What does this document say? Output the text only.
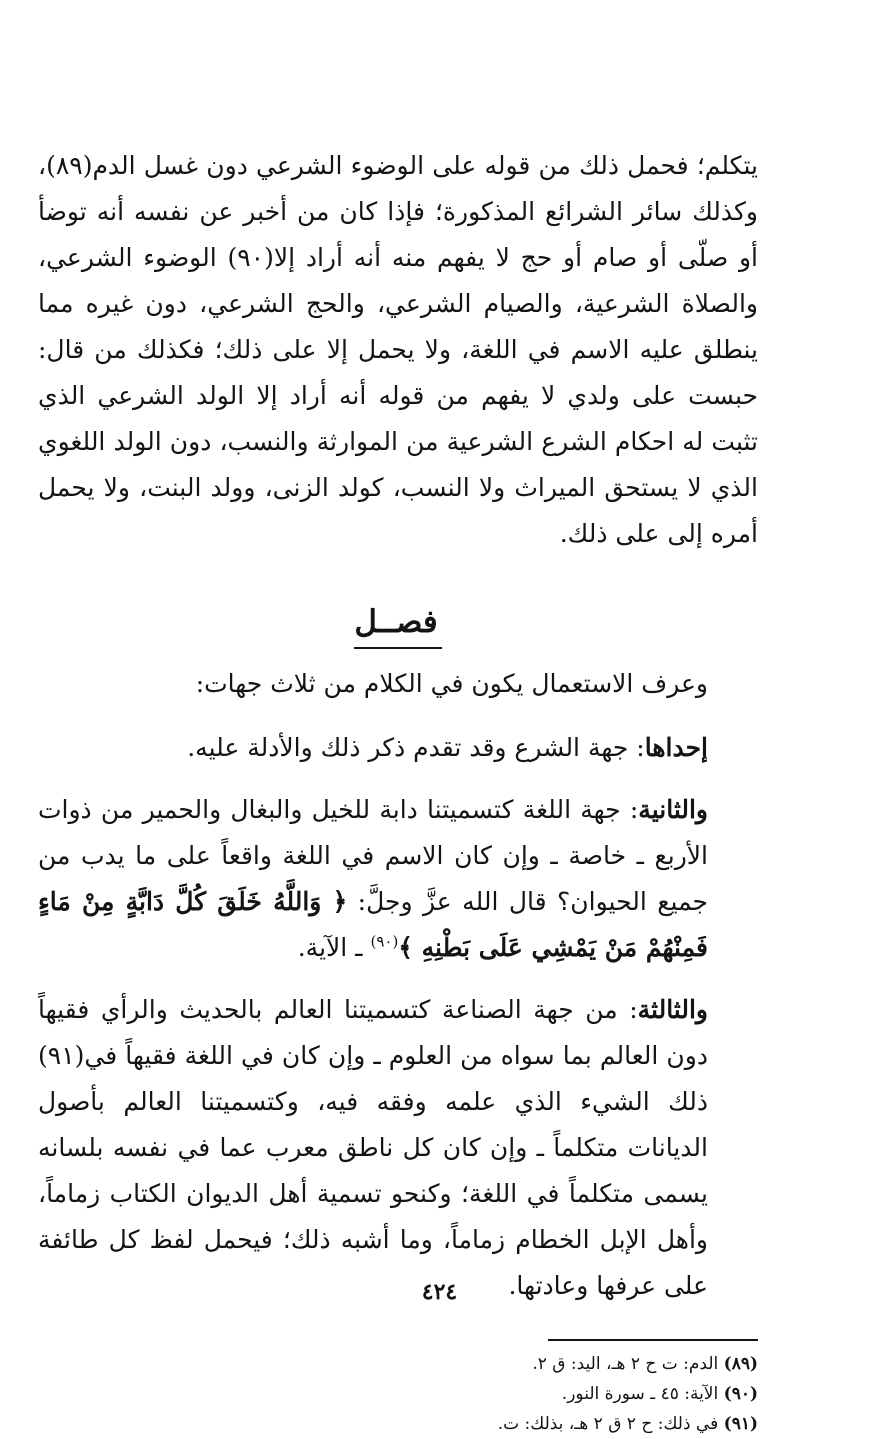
يتكلم؛ فحمل ذلك من قوله على الوضوء الشرعي دون غسل الدم(٨٩)، وكذلك سائر الشرائع المذكورة؛ فإذا كان من أخبر عن نفسه أنه توضأ أو صلّى أو صام أو حج لا يفهم منه أنه أراد إلا(٩٠) الوضوء الشرعي، والصلاة الشرعية، والصيام الشرعي، والحج الشرعي، دون غيره مما ينطلق عليه الاسم في اللغة، ولا يحمل إلا على ذلك؛ فكذلك من قال: حبست على ولدي لا يفهم من قوله أنه أراد إلا الولد الشرعي الذي تثبت له احكام الشرع الشرعية من الموارثة والنسب، دون الولد اللغوي الذي لا يستحق الميراث ولا النسب، كولد الزنى، وولد البنت، ولا يحمل أمره إلى على ذلك.

فصــل

وعرف الاستعمال يكون في الكلام من ثلاث جهات:

إحداها: جهة الشرع وقد تقدم ذكر ذلك والأدلة عليه.

والثانية: جهة اللغة كتسميتنا دابة للخيل والبغال والحمير من ذوات الأربع ـ خاصة ـ وإن كان الاسم في اللغة واقعاً على ما يدب من جميع الحيوان؟ قال الله عزَّ وجلَّ: ﴿ وَاللَّهُ خَلَقَ كُلَّ دَابَّةٍ مِنْ مَاءٍ فَمِنْهُمْ مَنْ يَمْشِي عَلَى بَطْنِهِ ﴾$^{(٩٠)}$ ـ الآية.

والثالثة: من جهة الصناعة كتسميتنا العالم بالحديث والرأي فقيهاً دون العالم بما سواه من العلوم ـ وإن كان في اللغة فقيهاً في(٩١) ذلك الشيء الذي علمه وفقه فيه، وكتسميتنا العالم بأصول الديانات متكلماً ـ وإن كان كل ناطق معرب عما في نفسه بلسانه يسمى متكلماً في اللغة؛ وكنحو تسمية أهل الديوان الكتاب زماماً، وأهل الإبل الخطام زماماً، وما أشبه ذلك؛ فيحمل لفظ كل طائفة على عرفها وعادتها.

(٨٩) الدم: ت ح ٢ هـ، اليد: ق ٢.

(٩٠) الآية: ٤٥ ـ سورة النور.

(٩١) في ذلك: ح ٢ ق ٢ هـ، بذلك: ت.

٤٢٤
